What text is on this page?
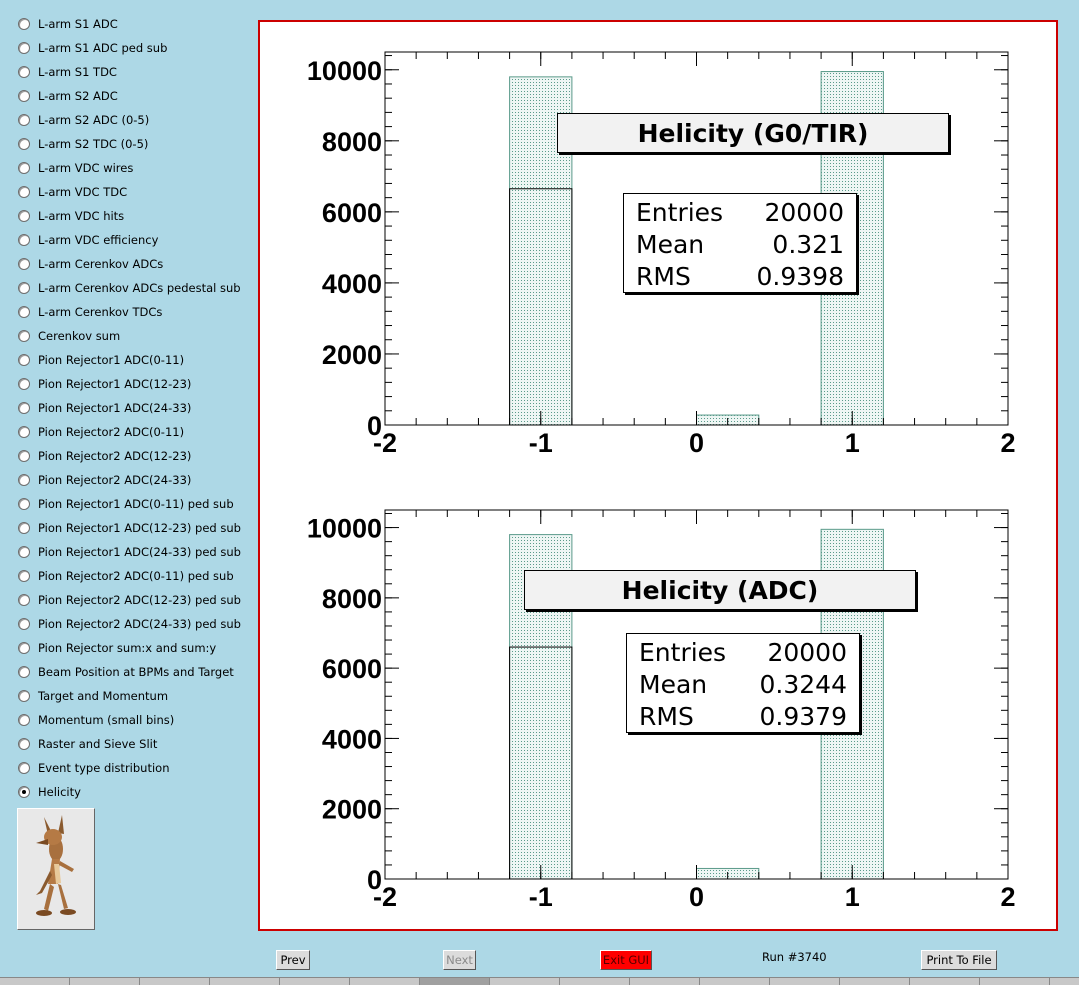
L-arm S1 ADC
L-arm S1 ADC ped sub
L-arm S1 TDC
L-arm S2 ADC
L-arm S2 ADC (0-5)
L-arm S2 TDC (0-5)
L-arm VDC wires
L-arm VDC TDC
L-arm VDC hits
L-arm VDC efficiency
L-arm Cerenkov ADCs
L-arm Cerenkov ADCs pedestal sub
L-arm Cerenkov TDCs
Cerenkov sum
Pion Rejector1 ADC(0-11)
Pion Rejector1 ADC(12-23)
Pion Rejector1 ADC(24-33)
Pion Rejector2 ADC(0-11)
Pion Rejector2 ADC(12-23)
Pion Rejector2 ADC(24-33)
Pion Rejector1 ADC(0-11) ped sub
Pion Rejector1 ADC(12-23) ped sub
Pion Rejector1 ADC(24-33) ped sub
Pion Rejector2 ADC(0-11) ped sub
Pion Rejector2 ADC(12-23) ped sub
Pion Rejector2 ADC(24-33) ped sub
Pion Rejector sum:x and sum:y
Beam Position at BPMs and Target
Target and Momentum
Momentum (small bins)
Raster and Sieve Slit
Event type distribution
Helicity
-2	-1	0	1	2
0
2000
4000
6000
8000
10000
Helicity (G0/TIR)
Entries 20000
Mean	0.321
RMS	0.9398
-2	-1	0	1	2
0
2000
4000
6000
8000
10000
Helicity (ADC)
Entries 20000
Mean 0.3244
RMS	0.9379
Prev	Next	Exit GUI	Run #3740	Print To File
